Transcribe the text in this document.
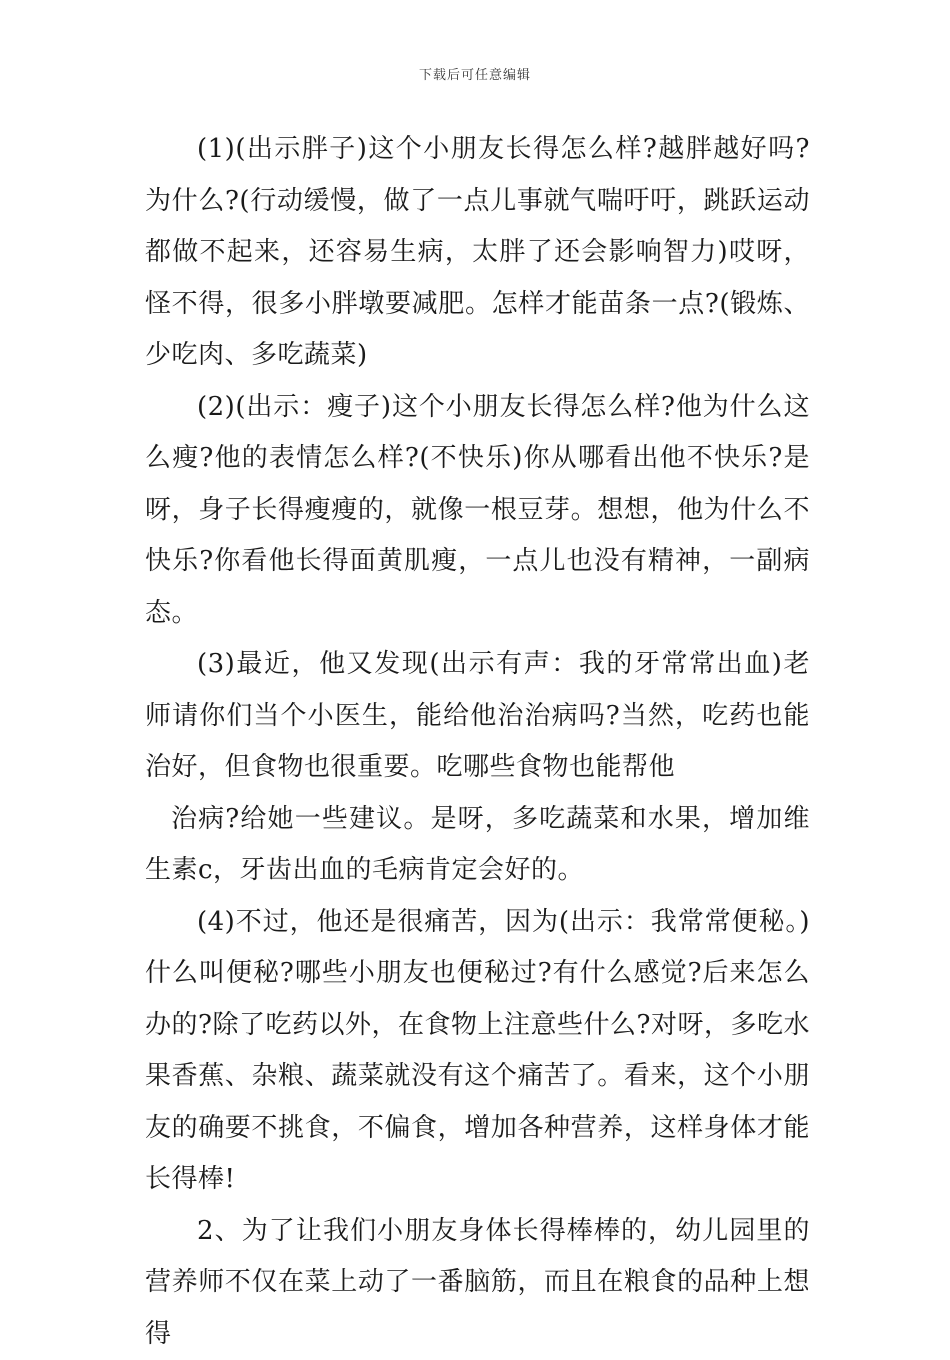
下载后可任意编辑

(1)(出示胖子)这个小朋友长得怎么样?越胖越好吗?为什么?(行动缓慢，做了一点儿事就气喘吁吁，跳跃运动都做不起来，还容易生病，太胖了还会影响智力)哎呀，怪不得，很多小胖墩要减肥。怎样才能苗条一点?(锻炼、少吃肉、多吃蔬菜)

(2)(出示：瘦子)这个小朋友长得怎么样?他为什么这么瘦?他的表情怎么样?(不快乐)你从哪看出他不快乐?是呀，身子长得瘦瘦的，就像一根豆芽。想想，他为什么不快乐?你看他长得面黄肌瘦，一点儿也没有精神，一副病态。

(3)最近，他又发现(出示有声：我的牙常常出血)老师请你们当个小医生，能给他治治病吗?当然，吃药也能治好，但食物也很重要。吃哪些食物也能帮他

治病?给她一些建议。是呀，多吃蔬菜和水果，增加维生素c，牙齿出血的毛病肯定会好的。

(4)不过，他还是很痛苦，因为(出示：我常常便秘。)什么叫便秘?哪些小朋友也便秘过?有什么感觉?后来怎么办的?除了吃药以外，在食物上注意些什么?对呀，多吃水果香蕉、杂粮、蔬菜就没有这个痛苦了。看来，这个小朋友的确要不挑食，不偏食，增加各种营养，这样身体才能长得棒!

2、为了让我们小朋友身体长得棒棒的，幼儿园里的营养师不仅在菜上动了一番脑筋，而且在粮食的品种上想得
